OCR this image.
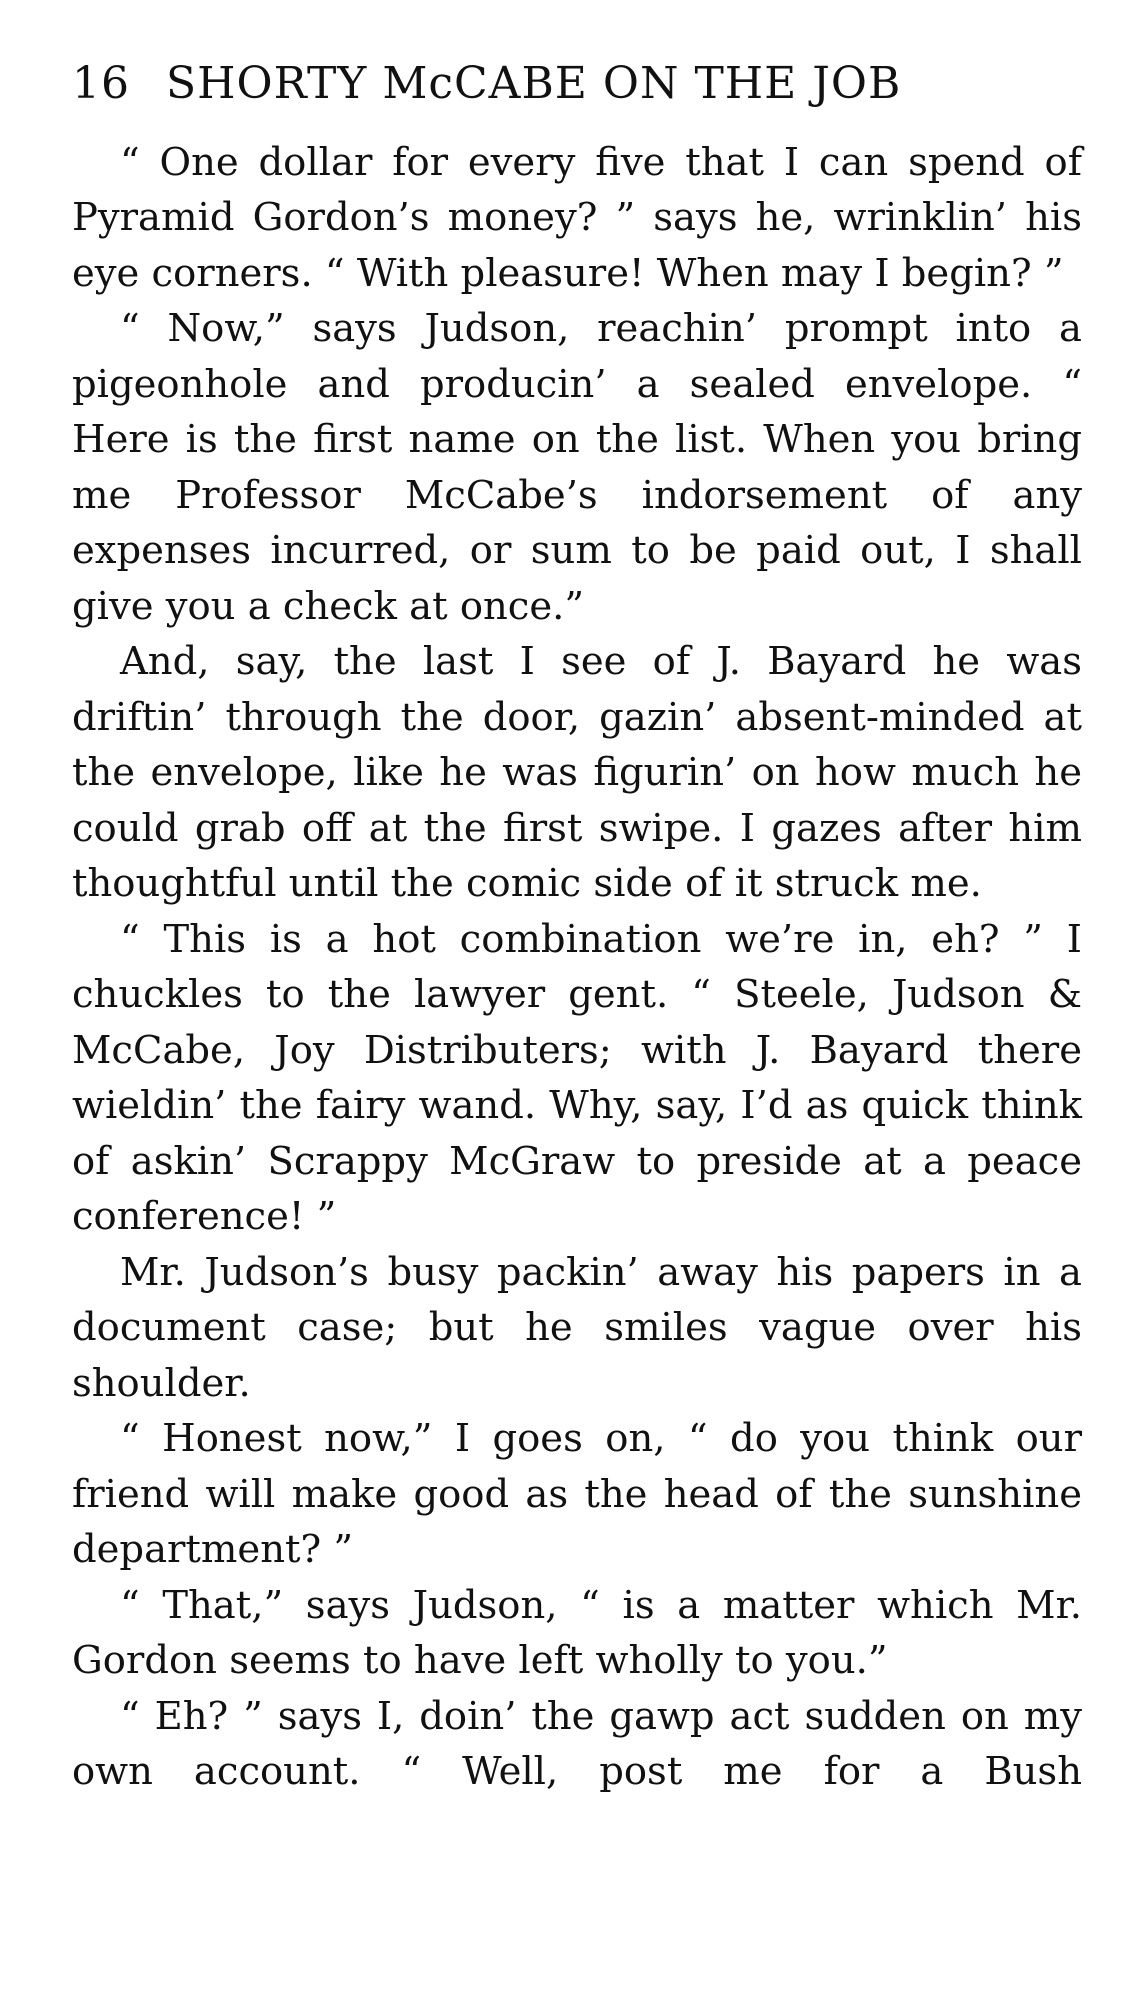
16 SHORTY McCABE ON THE JOB

“ One dollar for every five that I can spend of Pyramid Gordon’s money? ” says he, wrinklin’ his eye corners. “ With pleasure! When may I begin? ”

“ Now,” says Judson, reachin’ prompt into a pigeonhole and producin’ a sealed envelope. “ Here is the first name on the list. When you bring me Professor McCabe’s indorsement of any expenses incurred, or sum to be paid out, I shall give you a check at once.”

And, say, the last I see of J. Bayard he was driftin’ through the door, gazin’ absent-minded at the envelope, like he was figurin’ on how much he could grab off at the first swipe. I gazes after him thoughtful until the comic side of it struck me.

“ This is a hot combination we’re in, eh? ” I chuckles to the lawyer gent. “ Steele, Judson & McCabe, Joy Distributers; with J. Bayard there wieldin’ the fairy wand. Why, say, I’d as quick think of askin’ Scrappy McGraw to preside at a peace conference! ”

Mr. Judson’s busy packin’ away his papers in a document case; but he smiles vague over his shoulder.

“ Honest now,” I goes on, “ do you think our friend will make good as the head of the sunshine department? ”

“ That,” says Judson, “ is a matter which Mr. Gordon seems to have left wholly to you.”

“ Eh? ” says I, doin’ the gawp act sudden on my own account. “ Well, post me for a Bush
